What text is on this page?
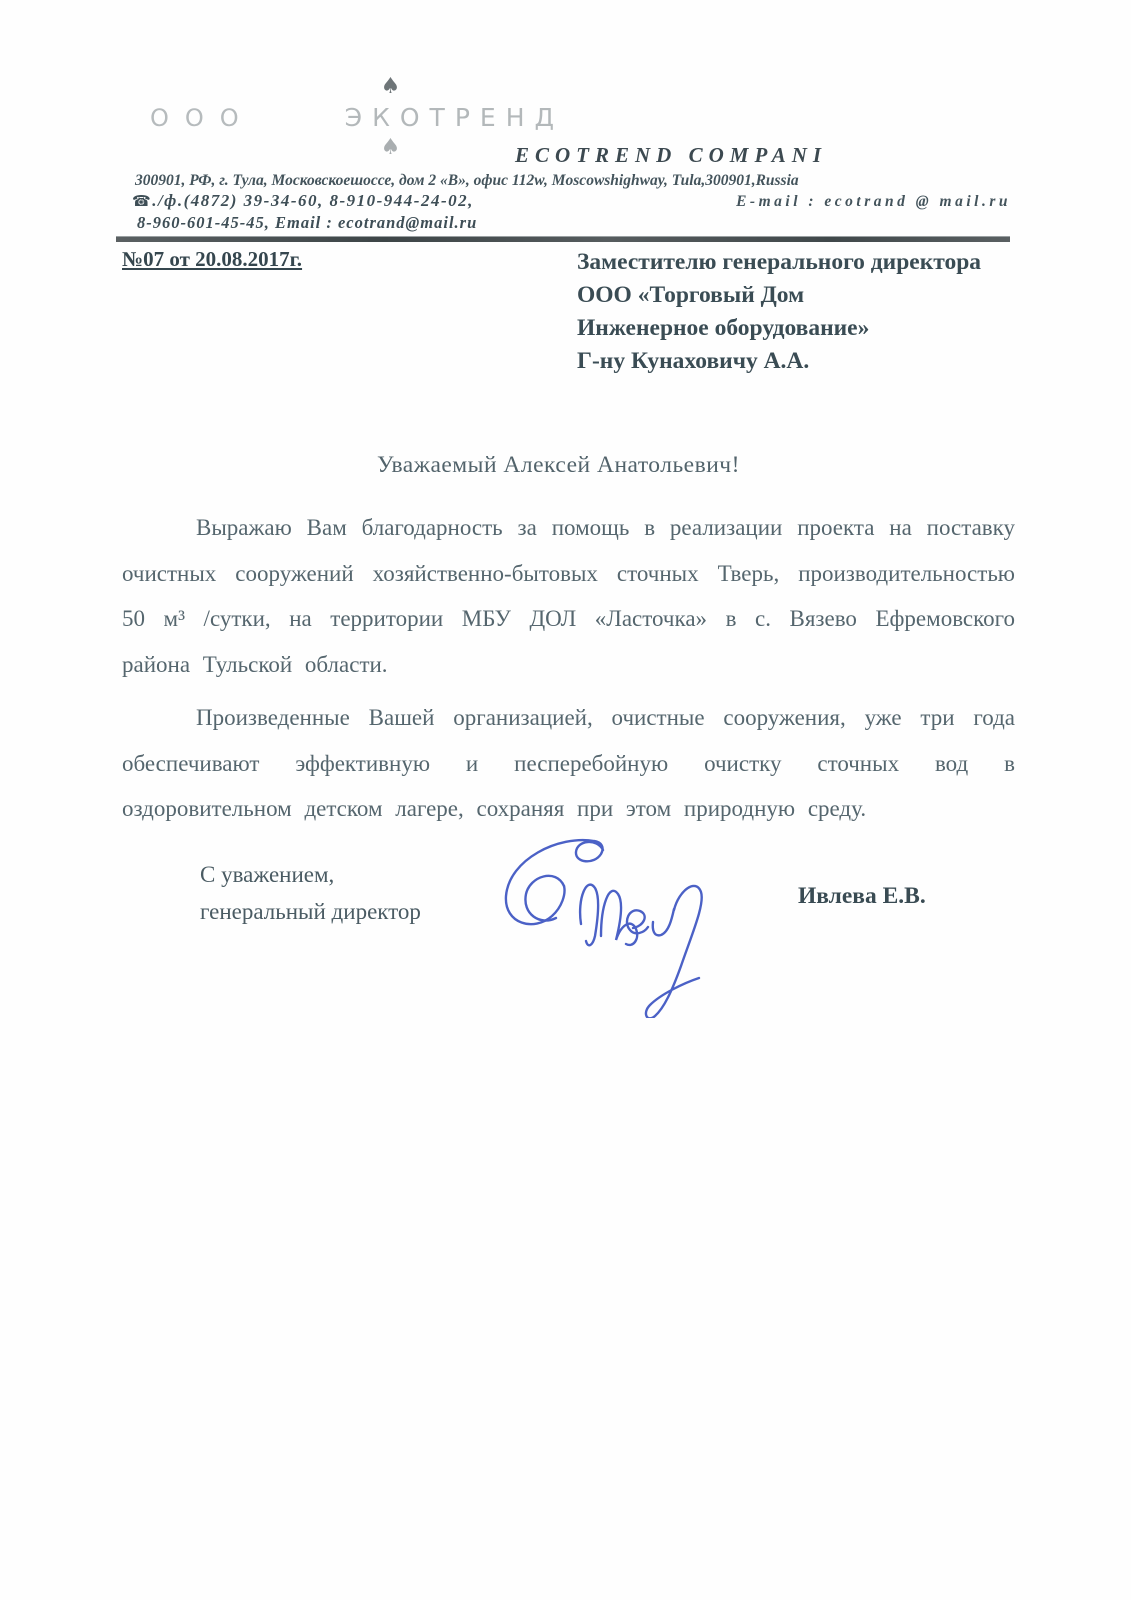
ООО
♠
ЭКОТРЕНД
♠	ECOTREND COMPANI
300901, РФ, г. Тула, Московскоешоссе, дом 2 «В», офис 112w, Moscowshighway, Tula,300901,Russia
☎./ф.(4872) 39-34-60, 8-910-944-24-02,	E-mail : ecotrand @ mail.ru
8-960-601-45-45, Email : ecotrand@mail.ru
№07 от 20.08.2017г.	Заместителю генерального директора
ООО «Торговый Дом
Инженерное оборудование»
Г-ну Кунаховичу А.А.
Уважаемый Алексей Анатольевич!
Выражаю Вам благодарность за помощь в реализации проекта на поставку очистных сооружений хозяйственно-бытовых сточных Тверь, производительностью 50 м³ /сутки, на территории МБУ ДОЛ «Ласточка» в с. Вязево Ефремовского района Тульской области.
Произведенные Вашей организацией, очистные сооружения, уже три года обеспечивают эффективную и песперебойную очистку сточных вод в оздоровительном детском лагере, сохраняя при этом природную среду.
С уважением,
генеральный директор
Ивлева Е.В.
